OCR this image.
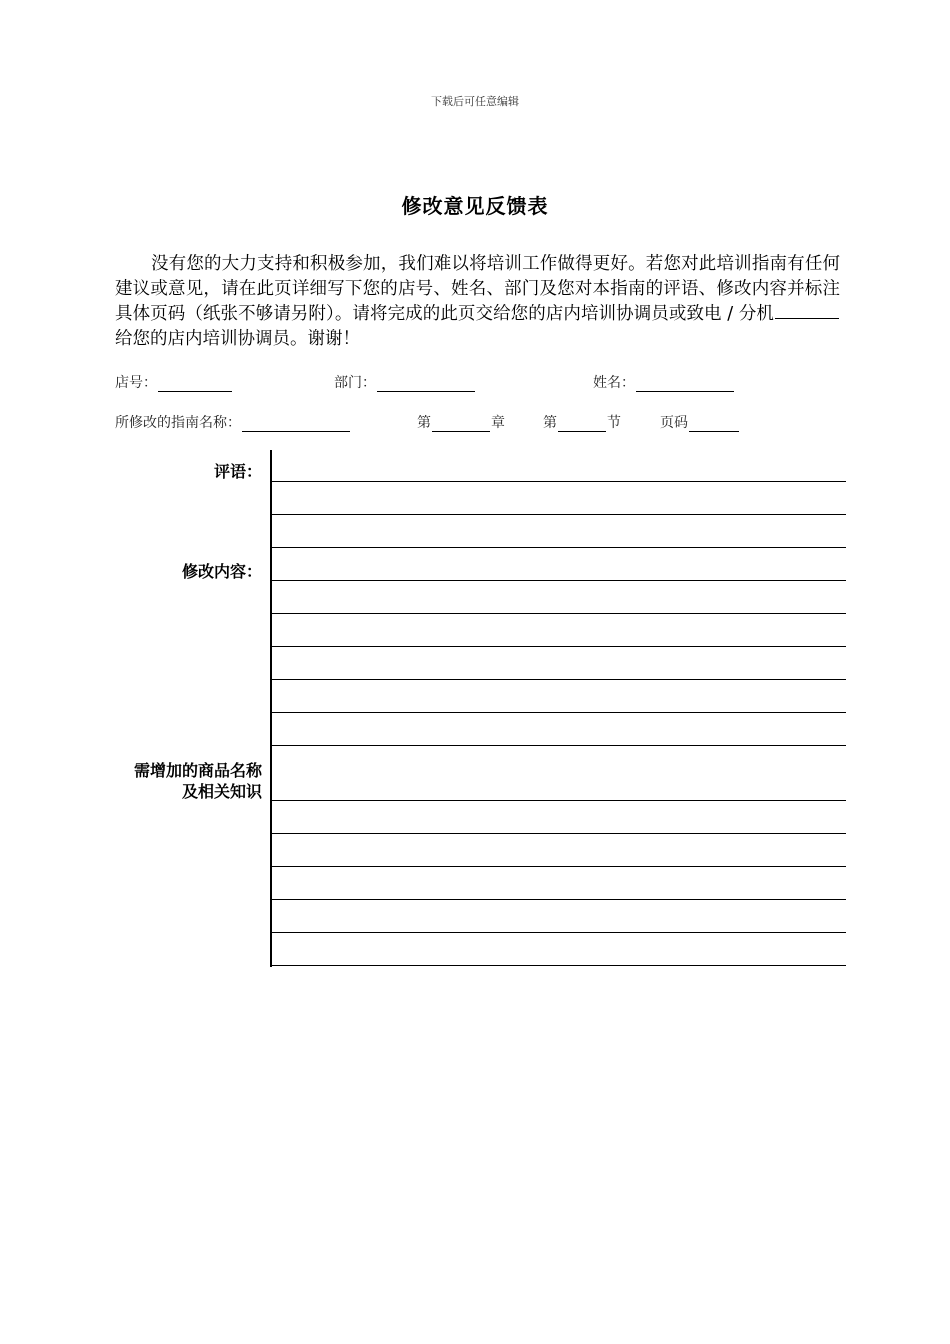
下载后可任意编辑
修改意见反馈表
没有您的大力支持和积极参加，我们难以将培训工作做得更好。若您对此培训指南有任何建议或意见，请在此页详细写下您的店号、姓名、部门及您对本指南的评语、修改内容并标注具体页码（纸张不够请另附）。请将完成的此页交给您的店内培训协调员或致电 / 分机给您的店内培训协调员。谢谢！
店号：	部门：	姓名：
所修改的指南名称：	第	章	第	节	页码
评语：
修改内容：
需增加的商品名称
及相关知识
